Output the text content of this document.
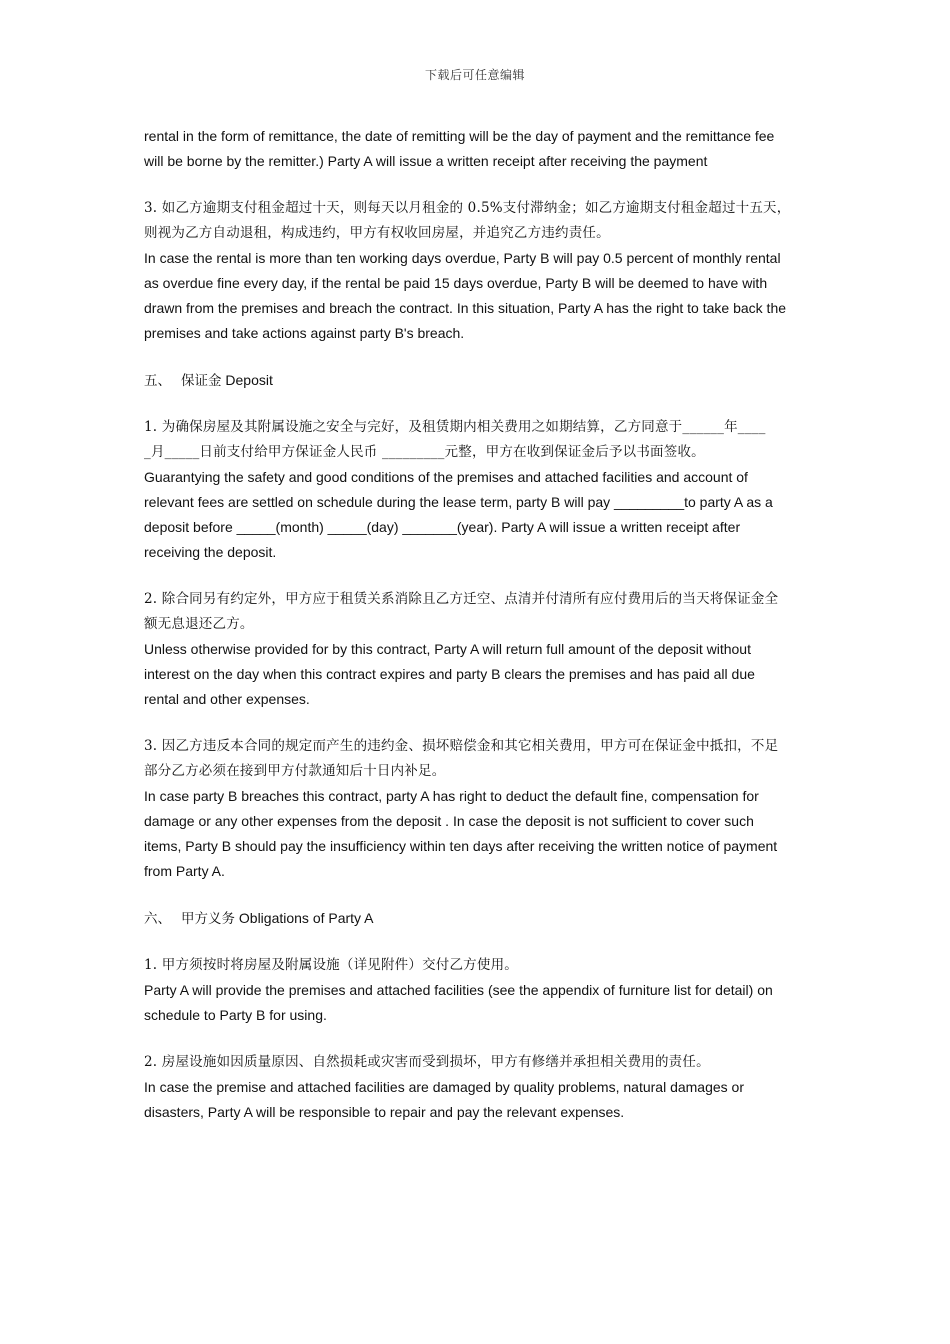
下载后可任意编辑
rental in the form of remittance, the date of remitting will be the day of payment and the remittance fee
will be borne by the remitter.) Party A will issue a written receipt after receiving the payment
3. 如乙方逾期支付租金超过十天，则每天以月租金的 0.5%支付滞纳金；如乙方逾期支付租金超过十五天，
则视为乙方自动退租，构成违约，甲方有权收回房屋，并追究乙方违约责任。
In case the rental is more than ten working days overdue, Party B will pay 0.5 percent of monthly rental
as overdue fine every day, if the rental be paid 15 days overdue, Party B will be deemed to have with
drawn from the premises and breach the contract. In this situation, Party A has the right to take back the
premises and take actions against party B's breach.
五、 保证金 Deposit
1. 为确保房屋及其附属设施之安全与完好，及租赁期内相关费用之如期结算，乙方同意于______年____
_月_____日前支付给甲方保证金人民币 _________元整，甲方在收到保证金后予以书面签收。
Guarantying the safety and good conditions of the premises and attached facilities and account of
relevant fees are settled on schedule during the lease term, party B will pay _________to party A as a
deposit before _____(month) _____(day) _______(year). Party A will issue a written receipt after
receiving the deposit.
2. 除合同另有约定外，甲方应于租赁关系消除且乙方迁空、点清并付清所有应付费用后的当天将保证金全
额无息退还乙方。
Unless otherwise provided for by this contract, Party A will return full amount of the deposit without
interest on the day when this contract expires and party B clears the premises and has paid all due
rental and other expenses.
3. 因乙方违反本合同的规定而产生的违约金、损坏赔偿金和其它相关费用，甲方可在保证金中抵扣，不足
部分乙方必须在接到甲方付款通知后十日内补足。
In case party B breaches this contract, party A has right to deduct the default fine, compensation for
damage or any other expenses from the deposit . In case the deposit is not sufficient to cover such
items, Party B should pay the insufficiency within ten days after receiving the written notice of payment
from Party A.
六、 甲方义务 Obligations of Party A
1. 甲方须按时将房屋及附属设施（详见附件）交付乙方使用。
Party A will provide the premises and attached facilities (see the appendix of furniture list for detail) on
schedule to Party B for using.
2. 房屋设施如因质量原因、自然损耗或灾害而受到损坏，甲方有修缮并承担相关费用的责任。
In case the premise and attached facilities are damaged by quality problems, natural damages or
disasters, Party A will be responsible to repair and pay the relevant expenses.
